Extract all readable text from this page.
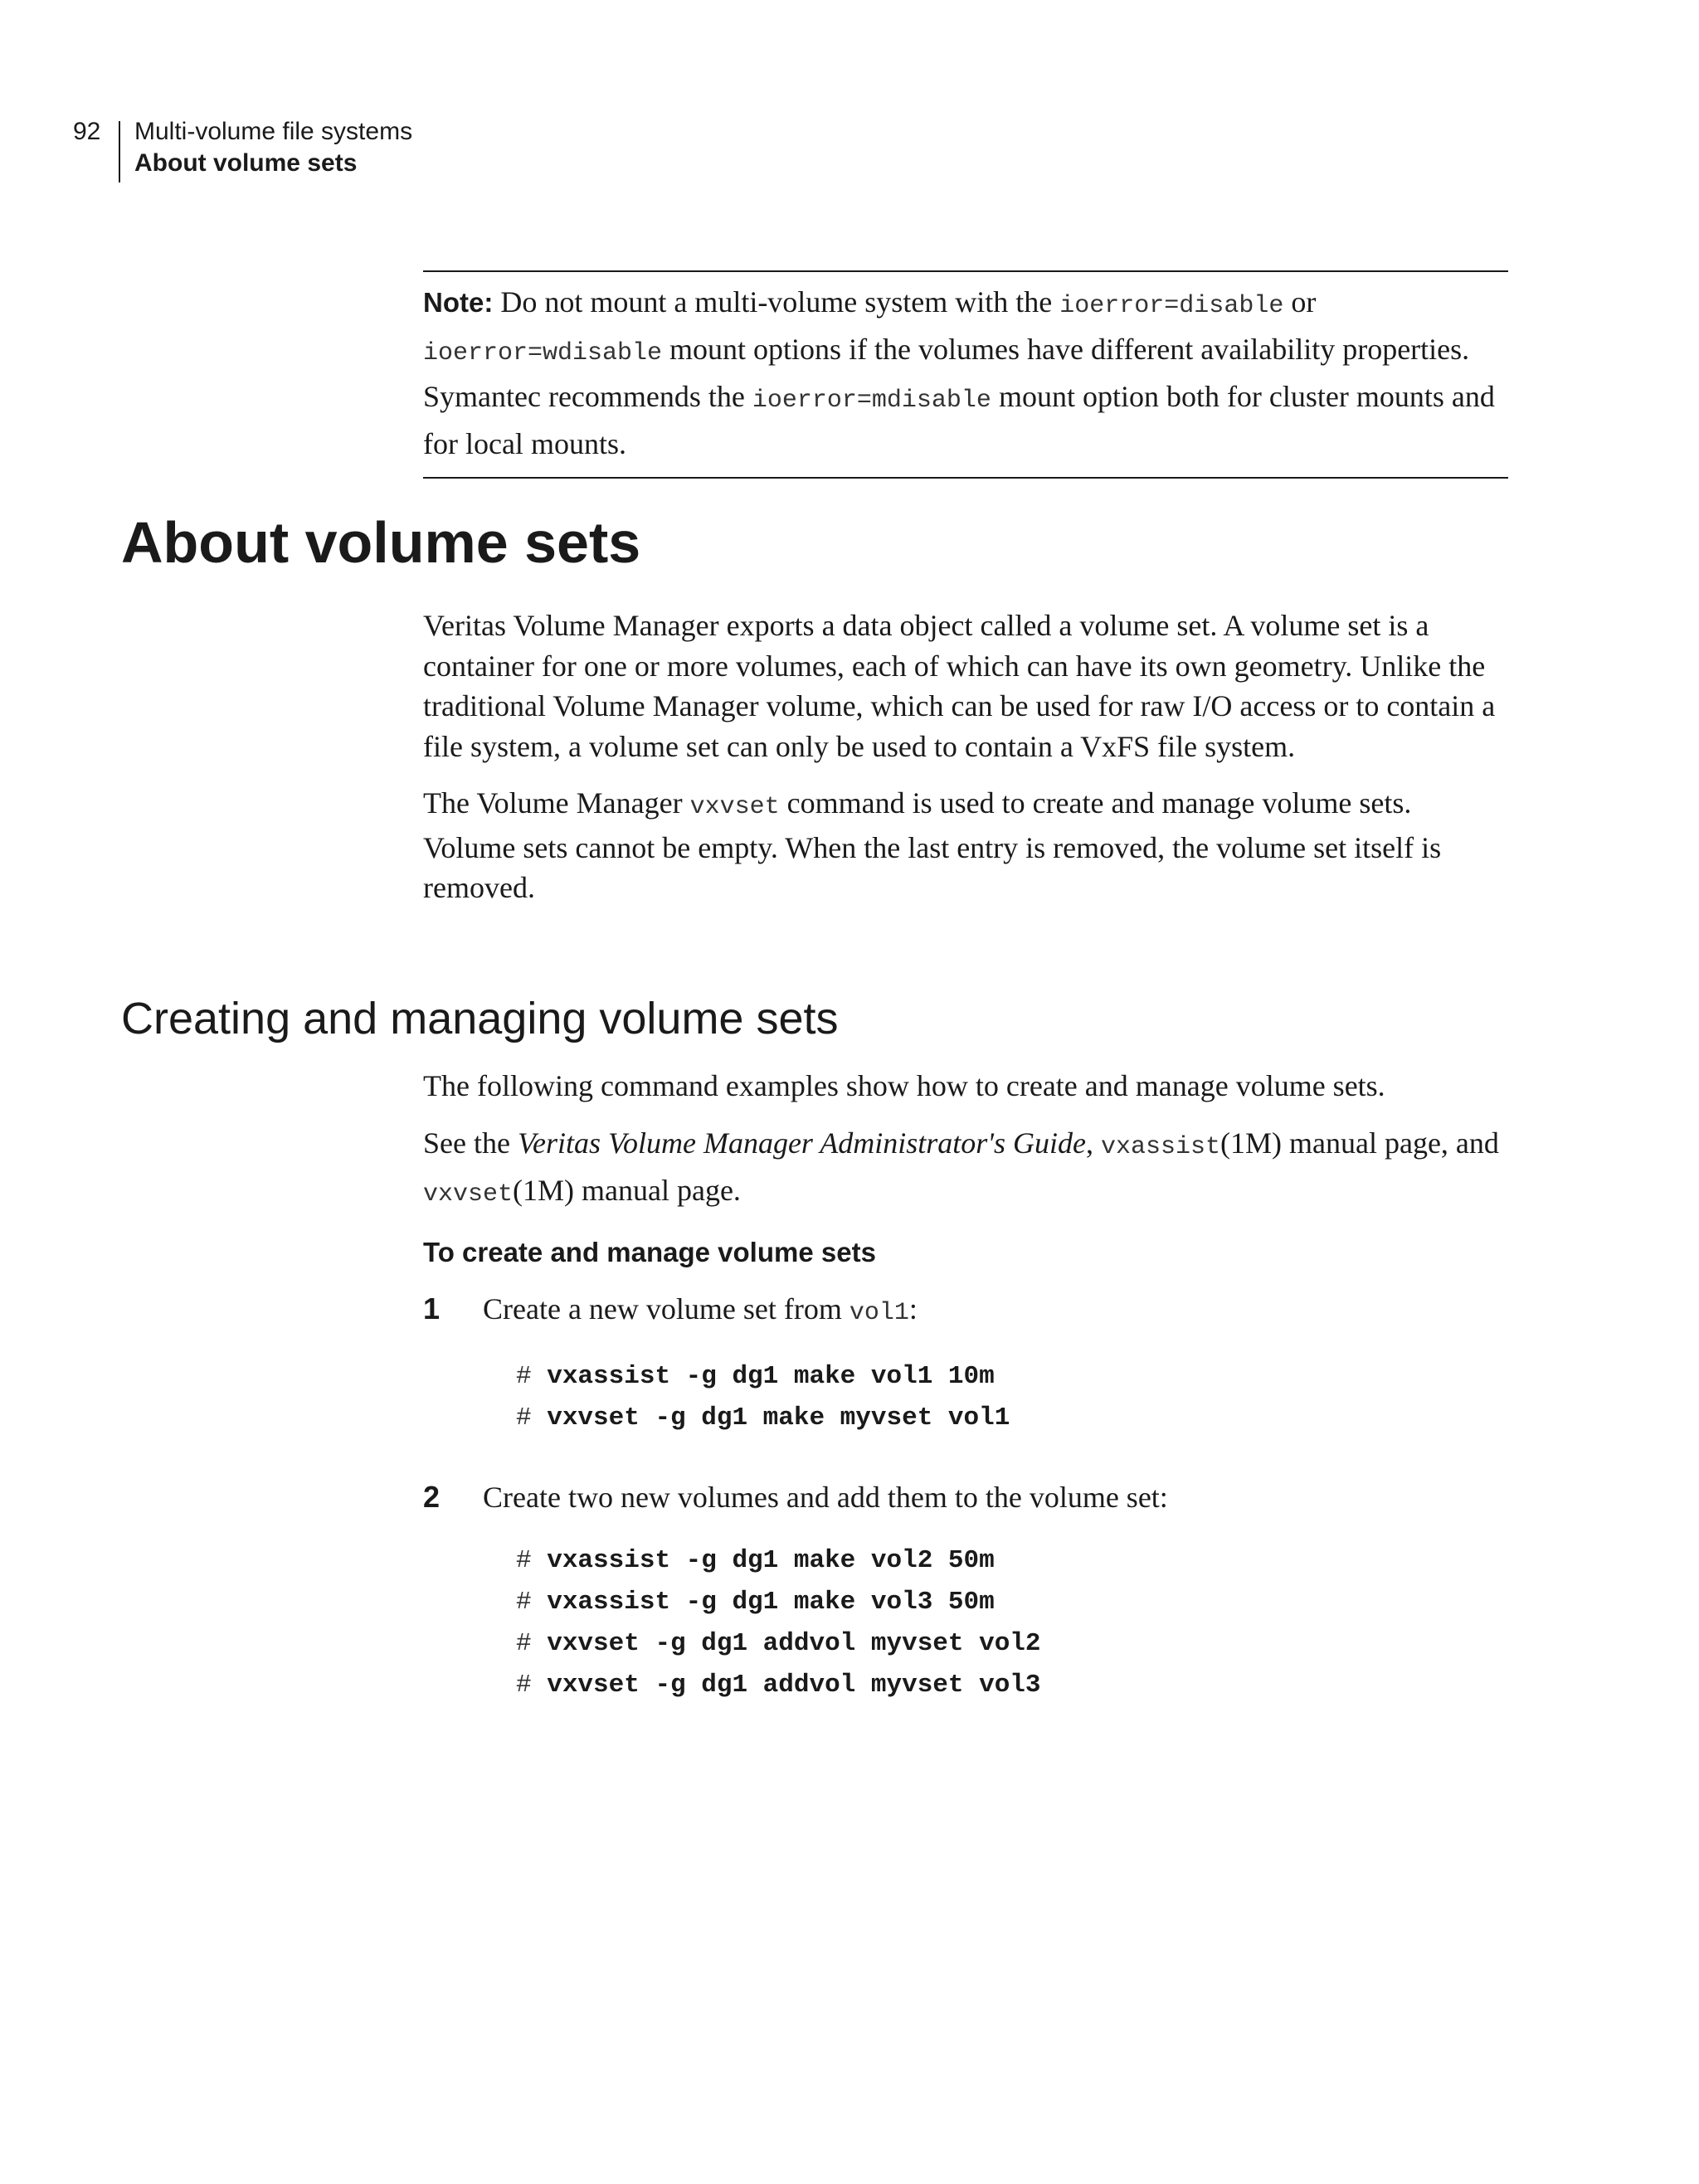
92	Multi-volume file systems
About volume sets
Note: Do not mount a multi-volume system with the ioerror=disable or ioerror=wdisable mount options if the volumes have different availability properties. Symantec recommends the ioerror=mdisable mount option both for cluster mounts and for local mounts.
About volume sets

Veritas Volume Manager exports a data object called a volume set. A volume set is a container for one or more volumes, each of which can have its own geometry. Unlike the traditional Volume Manager volume, which can be used for raw I/O access or to contain a file system, a volume set can only be used to contain a VxFS file system.

The Volume Manager vxvset command is used to create and manage volume sets. Volume sets cannot be empty. When the last entry is removed, the volume set itself is removed.

Creating and managing volume sets

The following command examples show how to create and manage volume sets.

See the Veritas Volume Manager Administrator's Guide, vxassist(1M) manual page, and vxvset(1M) manual page.

To create and manage volume sets
1 Create a new volume set from vol1:
# vxassist -g dg1 make vol1 10m
# vxvset -g dg1 make myvset vol1
2 Create two new volumes and add them to the volume set:
# vxassist -g dg1 make vol2 50m
# vxassist -g dg1 make vol3 50m
# vxvset -g dg1 addvol myvset vol2
# vxvset -g dg1 addvol myvset vol3
